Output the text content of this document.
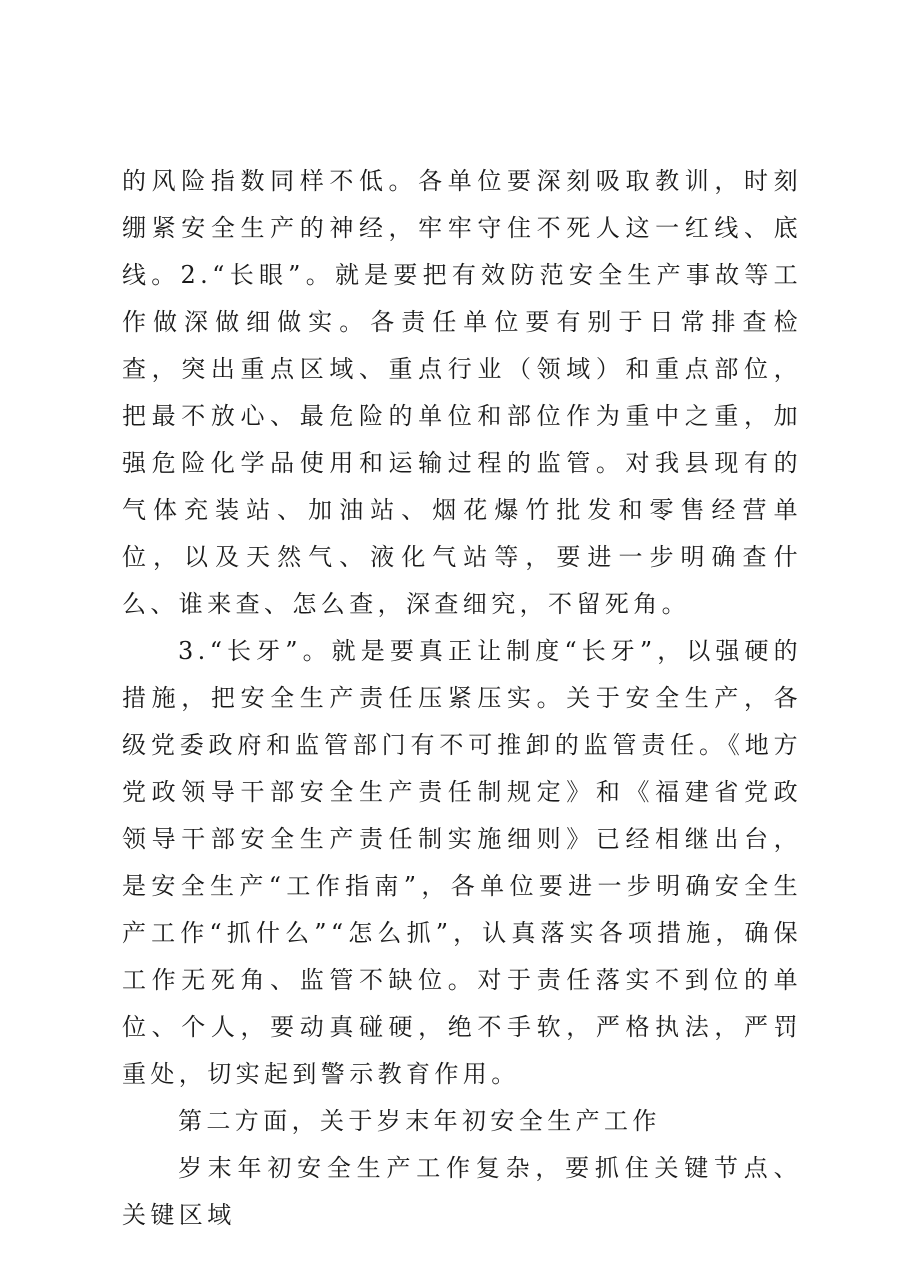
的风险指数同样不低。各单位要深刻吸取教训，时刻绷紧安全生产的神经，牢牢守住不死人这一红线、底线。2.“长眼”。就是要把有效防范安全生产事故等工作做深做细做实。各责任单位要有别于日常排查检查，突出重点区域、重点行业（领域）和重点部位，把最不放心、最危险的单位和部位作为重中之重，加强危险化学品使用和运输过程的监管。对我县现有的气体充装站、加油站、烟花爆竹批发和零售经营单位，以及天然气、液化气站等，要进一步明确查什么、谁来查、怎么查，深查细究，不留死角。

3.“长牙”。就是要真正让制度“长牙”，以强硬的措施，把安全生产责任压紧压实。关于安全生产，各级党委政府和监管部门有不可推卸的监管责任。《地方党政领导干部安全生产责任制规定》和《福建省党政领导干部安全生产责任制实施细则》已经相继出台，是安全生产“工作指南”，各单位要进一步明确安全生产工作“抓什么”“怎么抓”，认真落实各项措施，确保工作无死角、监管不缺位。对于责任落实不到位的单位、个人，要动真碰硬，绝不手软，严格执法，严罚重处，切实起到警示教育作用。

第二方面，关于岁末年初安全生产工作

岁末年初安全生产工作复杂，要抓住关键节点、关键区域
